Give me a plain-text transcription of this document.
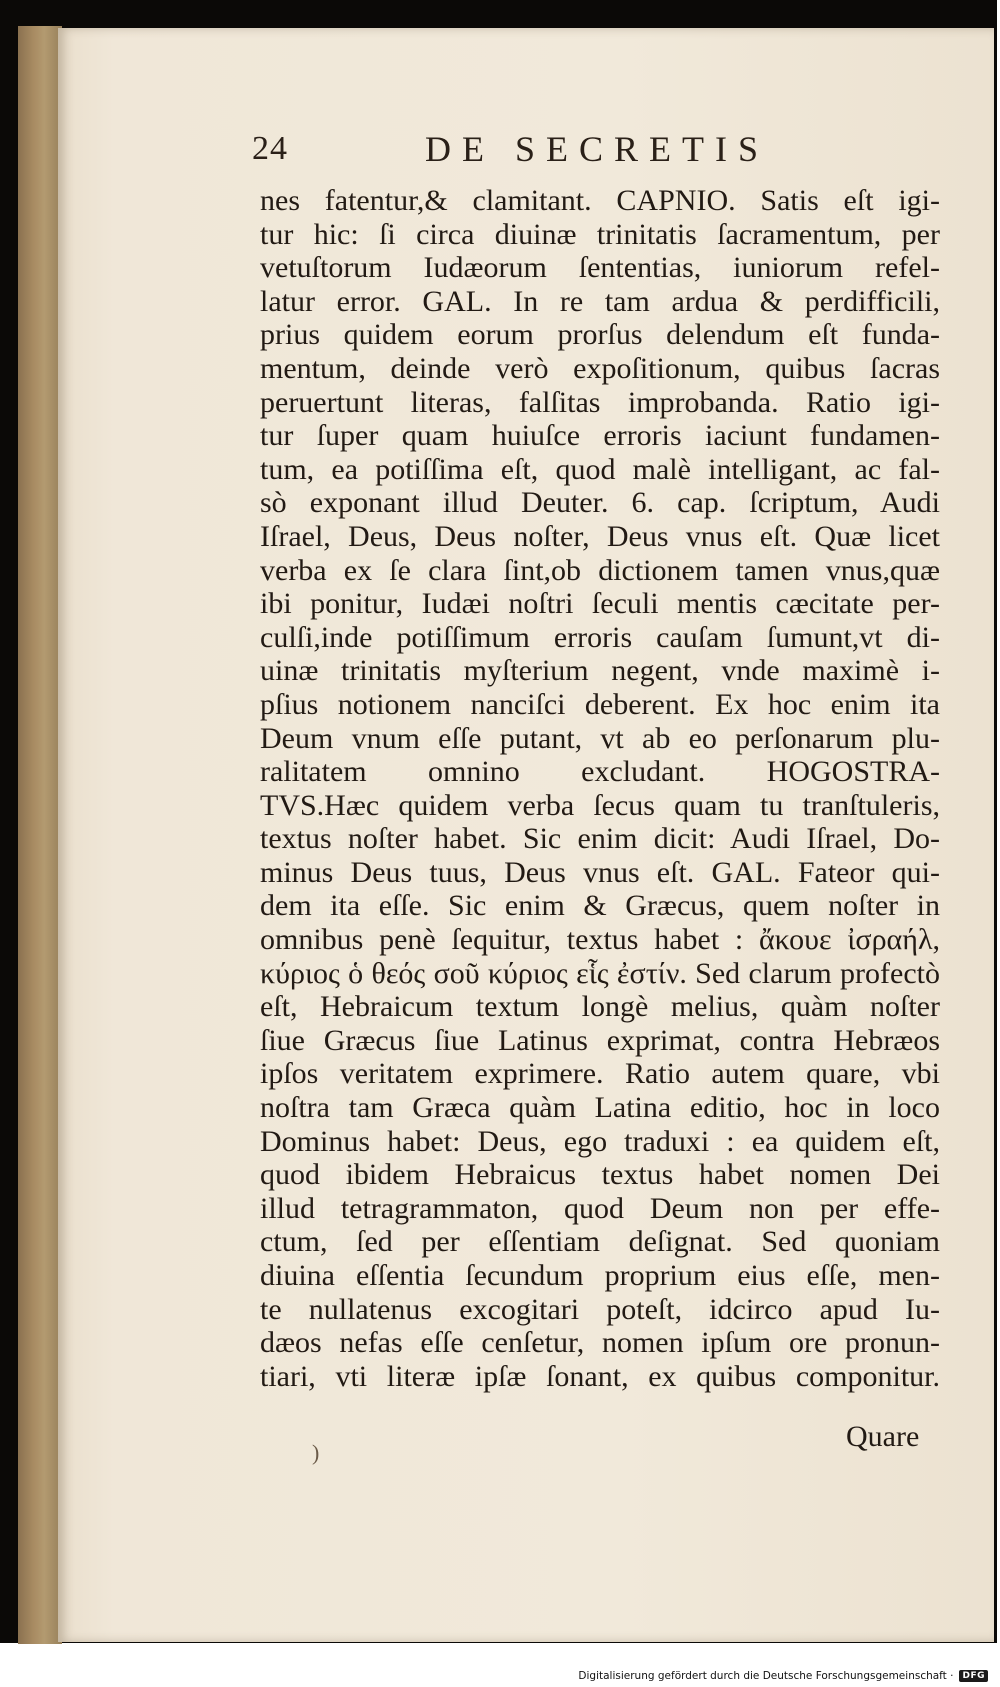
24	DE SECRETIS
nes fatentur,& clamitant. CAPNIO. Satis eſt igi-
tur hic: ſi circa diuinæ trinitatis ſacramentum, per
vetuſtorum Iudæorum ſententias, iuniorum refel-
latur error. GAL. In re tam ardua & perdifficili,
prius quidem eorum prorſus delendum eſt funda-
mentum, deinde verò expoſitionum, quibus ſacras
peruertunt literas, falſitas improbanda. Ratio igi-
tur ſuper quam huiuſce erroris iaciunt fundamen-
tum, ea potiſſima eſt, quod malè intelligant, ac fal-
sò exponant illud Deuter. 6. cap. ſcriptum, Audi
Iſrael, Deus, Deus noſter, Deus vnus eſt. Quæ licet
verba ex ſe clara ſint,ob dictionem tamen vnus,quæ
ibi ponitur, Iudæi noſtri ſeculi mentis cæcitate per-
culſi,inde potiſſimum erroris cauſam ſumunt,vt di-
uinæ trinitatis myſterium negent, vnde maximè i-
pſius notionem nanciſci deberent. Ex hoc enim ita
Deum vnum eſſe putant, vt ab eo perſonarum plu-
ralitatem omnino excludant. HOGOSTRA-
TVS.Hæc quidem verba ſecus quam tu tranſtuleris,
textus noſter habet. Sic enim dicit: Audi Iſrael, Do-
minus Deus tuus, Deus vnus eſt. GAL. Fateor qui-
dem ita eſſe. Sic enim & Græcus, quem noſter in
omnibus penè ſequitur, textus habet : ἄκουε ἰσραήλ,
κύριος ὁ θεός σοῦ κύριος εἷς ἐστίν. Sed clarum profectò
eſt, Hebraicum textum longè melius, quàm noſter
ſiue Græcus ſiue Latinus exprimat, contra Hebræos
ipſos veritatem exprimere. Ratio autem quare, vbi
noſtra tam Græca quàm Latina editio, hoc in loco
Dominus habet: Deus, ego traduxi : ea quidem eſt,
quod ibidem Hebraicus textus habet nomen Dei
illud tetragrammaton, quod Deum non per effe-
ctum, ſed per eſſentiam deſignat. Sed quoniam
diuina eſſentia ſecundum proprium eius eſſe, men-
te nullatenus excogitari poteſt, idcirco apud Iu-
dæos nefas eſſe cenſetur, nomen ipſum ore pronun-
tiari, vti literæ ipſæ ſonant, ex quibus componitur.
)	Quare
Digitalisierung gefördert durch die Deutsche Forschungsgemeinschaft ·	DFG
